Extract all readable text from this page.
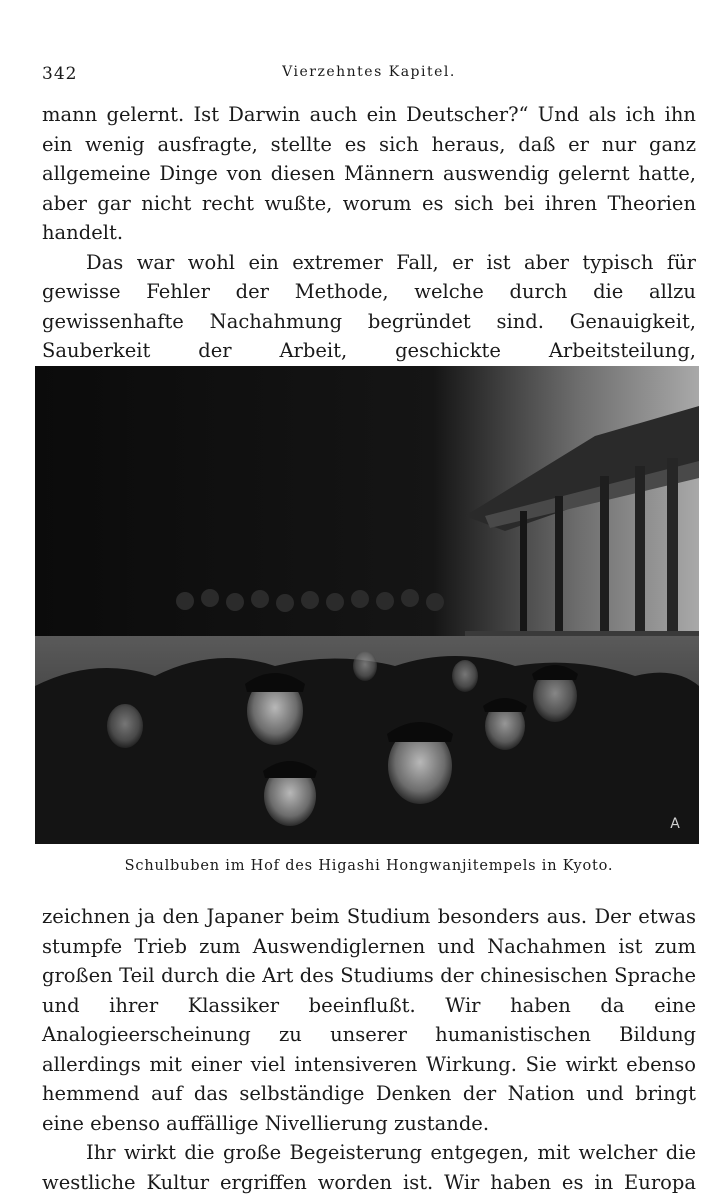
342	Vierzehntes Kapitel.

mann gelernt. Ist Darwin auch ein Deutscher?“ Und als ich ihn ein wenig ausfragte, stellte es sich heraus, daß er nur ganz allgemeine Dinge von diesen Männern auswendig gelernt hatte, aber gar nicht recht wußte, worum es sich bei ihren Theorien handelt.

Das war wohl ein extremer Fall, er ist aber typisch für gewisse Fehler der Methode, welche durch die allzu gewissenhafte Nachahmung begründet sind. Genauigkeit, Sauberkeit der Arbeit, geschickte Arbeitsteilung,

A
Schulbuben im Hof des Higashi Hongwanjitempels in Kyoto.

zeichnen ja den Japaner beim Studium besonders aus. Der etwas stumpfe Trieb zum Auswendiglernen und Nachahmen ist zum großen Teil durch die Art des Studiums der chinesischen Sprache und ihrer Klassiker beeinflußt. Wir haben da eine Analogieerscheinung zu unserer humanistischen Bildung allerdings mit einer viel intensiveren Wirkung. Sie wirkt ebenso hemmend auf das selbständige Denken der Nation und bringt eine ebenso auffällige Nivellierung zustande.

Ihr wirkt die große Begeisterung entgegen, mit welcher die westliche Kultur ergriffen worden ist. Wir haben es in Europa
